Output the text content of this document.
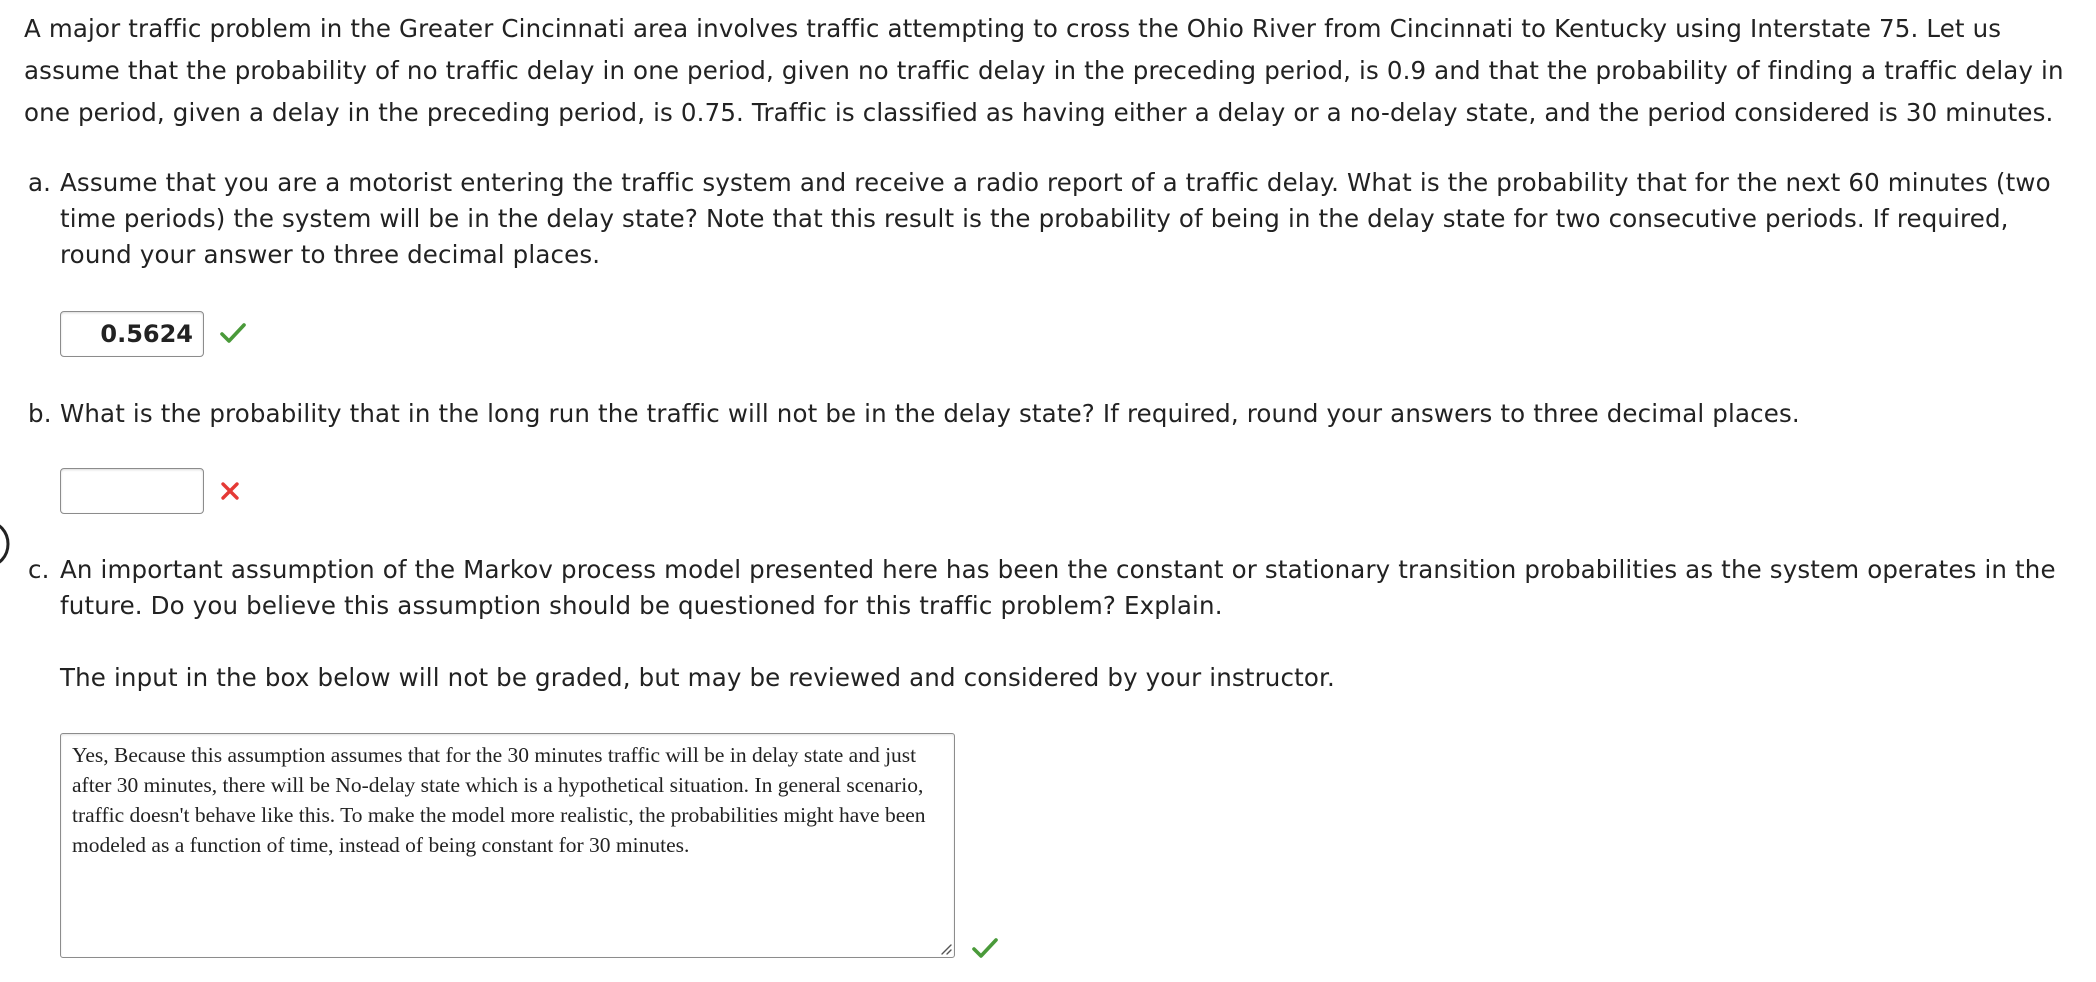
A major traffic problem in the Greater Cincinnati area involves traffic attempting to cross the Ohio River from Cincinnati to Kentucky using Interstate 75. Let us assume that the probability of no traffic delay in one period, given no traffic delay in the preceding period, is 0.9 and that the probability of finding a traffic delay in one period, given a delay in the preceding period, is 0.75. Traffic is classified as having either a delay or a no-delay state, and the period considered is 30 minutes.
a. Assume that you are a motorist entering the traffic system and receive a radio report of a traffic delay. What is the probability that for the next 60 minutes (two time periods) the system will be in the delay state? Note that this result is the probability of being in the delay state for two consecutive periods. If required, round your answer to three decimal places.
0.5624
b. What is the probability that in the long run the traffic will not be in the delay state? If required, round your answers to three decimal places.
c. An important assumption of the Markov process model presented here has been the constant or stationary transition probabilities as the system operates in the future. Do you believe this assumption should be questioned for this traffic problem? Explain.
The input in the box below will not be graded, but may be reviewed and considered by your instructor.
Yes, Because this assumption assumes that for the 30 minutes traffic will be in delay state and just after 30 minutes, there will be No-delay state which is a hypothetical situation. In general scenario, traffic doesn't behave like this. To make the model more realistic, the probabilities might have been modeled as a function of time, instead of being constant for 30 minutes.
